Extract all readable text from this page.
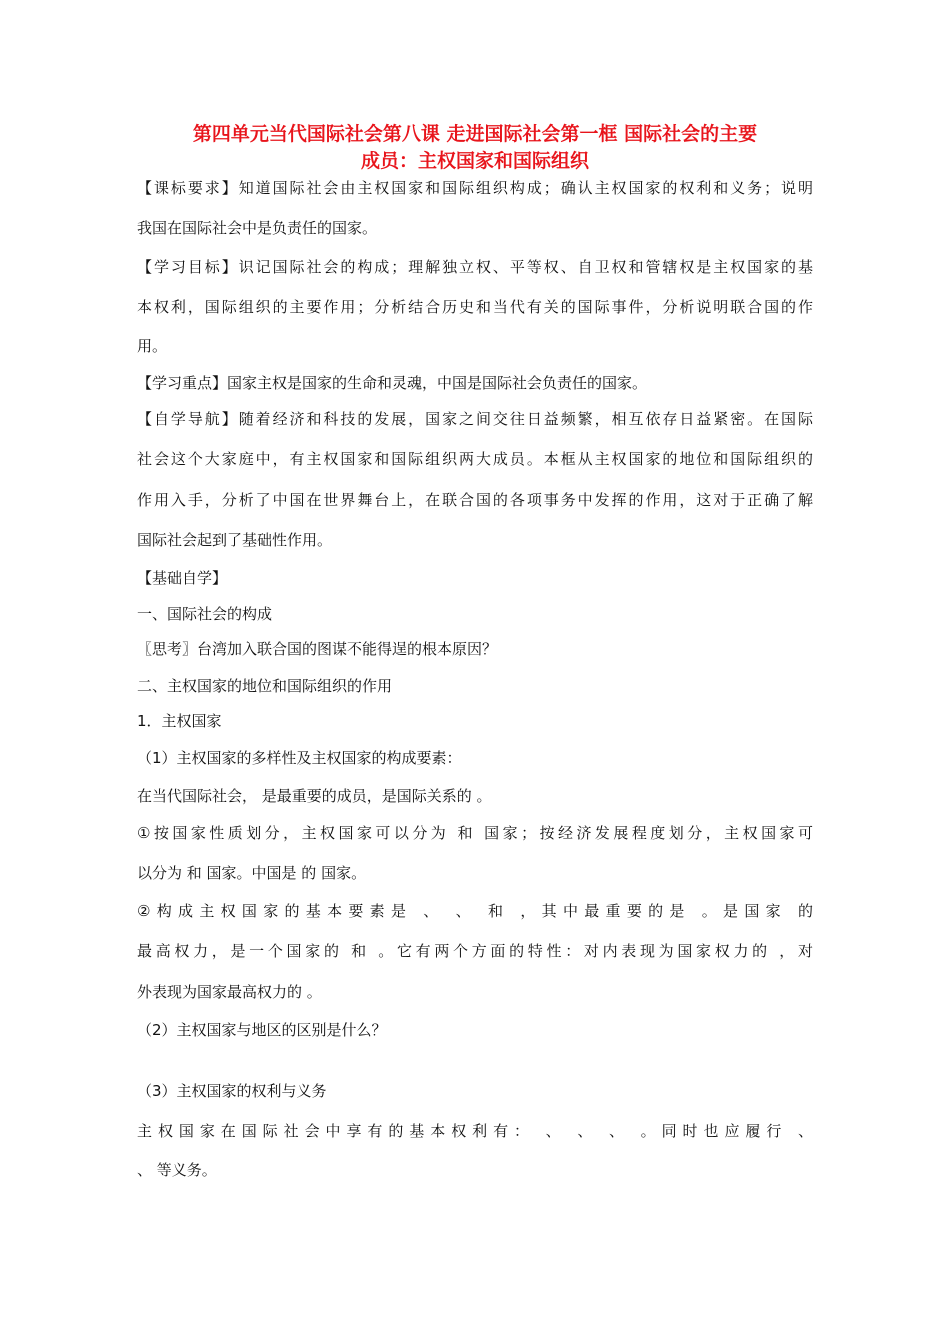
第四单元当代国际社会第八课 走进国际社会第一框 国际社会的主要
成员：主权国家和国际组织
【课标要求】知道国际社会由主权国家和国际组织构成；确认主权国家的权利和义务；说明
我国在国际社会中是负责任的国家。
【学习目标】识记国际社会的构成；理解独立权、平等权、自卫权和管辖权是主权国家的基
本权利，国际组织的主要作用；分析结合历史和当代有关的国际事件，分析说明联合国的作
用。
【学习重点】国家主权是国家的生命和灵魂，中国是国际社会负责任的国家。
【自学导航】随着经济和科技的发展，国家之间交往日益频繁，相互依存日益紧密。在国际
社会这个大家庭中，有主权国家和国际组织两大成员。本框从主权国家的地位和国际组织的
作用入手，分析了中国在世界舞台上，在联合国的各项事务中发挥的作用，这对于正确了解
国际社会起到了基础性作用。
【基础自学】
一、国际社会的构成
〖思考〗台湾加入联合国的图谋不能得逞的根本原因？
二、主权国家的地位和国际组织的作用
1．主权国家
（1）主权国家的多样性及主权国家的构成要素：
在当代国际社会， 是最重要的成员，是国际关系的 。
①按国家性质划分，主权国家可以分为 和 国家；按经济发展程度划分，主权国家可
以分为 和 国家。中国是 的 国家。
②构成主权国家的基本要素是 、 、 和 ，其中最重要的是 。是国家 的
最高权力，是一个国家的 和 。它有两个方面的特性：对内表现为国家权力的 ，对
外表现为国家最高权力的 。
（2）主权国家与地区的区别是什么？
（3）主权国家的权利与义务
主权国家在国际社会中享有的基本权利有： 、 、 、 。同时也应履行 、
、 等义务。
